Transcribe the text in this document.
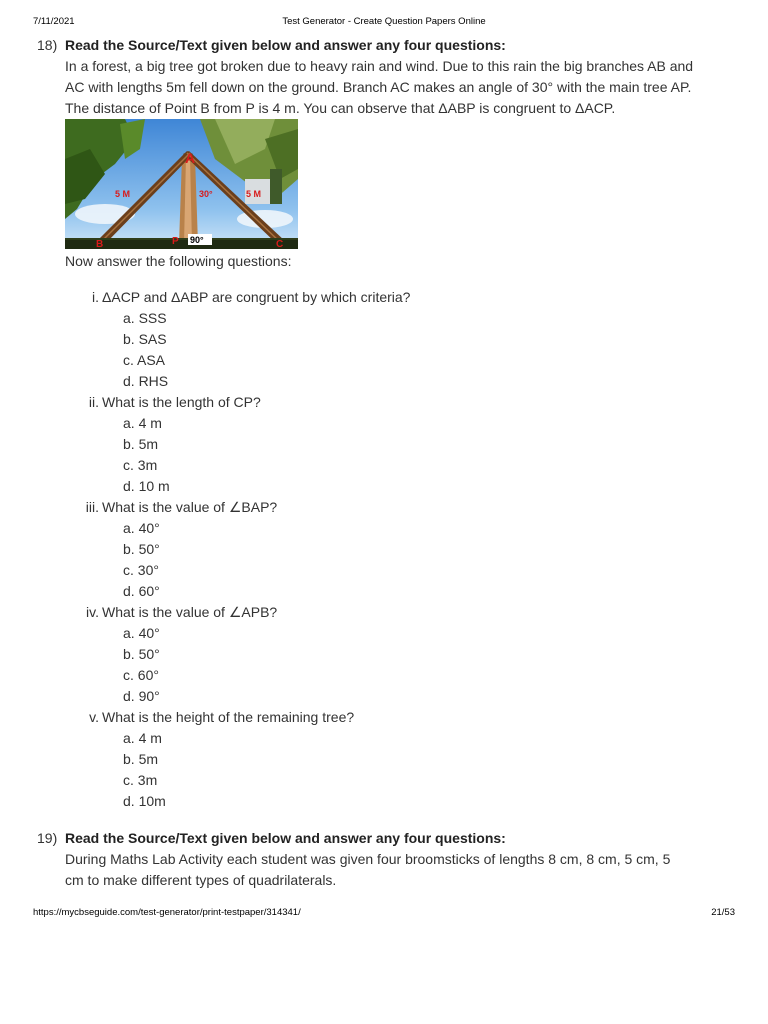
7/11/2021	Test Generator - Create Question Papers Online
18) Read the Source/Text given below and answer any four questions:
In a forest, a big tree got broken due to heavy rain and wind. Due to this rain the big branches AB and
AC with lengths 5m fell down on the ground. Branch AC makes an angle of 30° with the main tree AP.
The distance of Point B from P is 4 m. You can observe that ΔABP is congruent to ΔACP.
A
5 M	30°	5 M
B	P 90°	C
Now answer the following questions:
i. ΔACP and ΔABP are congruent by which criteria?
a. SSS
b. SAS
c. ASA
d. RHS
ii. What is the length of CP?
a. 4 m
b. 5m
c. 3m
d. 10 m
iii. What is the value of ∠BAP?
a. 40°
b. 50°
c. 30°
d. 60°
iv. What is the value of ∠APB?
a. 40°
b. 50°
c. 60°
d. 90°
v. What is the height of the remaining tree?
a. 4 m
b. 5m
c. 3m
d. 10m
19) Read the Source/Text given below and answer any four questions:
During Maths Lab Activity each student was given four broomsticks of lengths 8 cm, 8 cm, 5 cm, 5
cm to make different types of quadrilaterals.
https://mycbseguide.com/test-generator/print-testpaper/314341/	21/53
